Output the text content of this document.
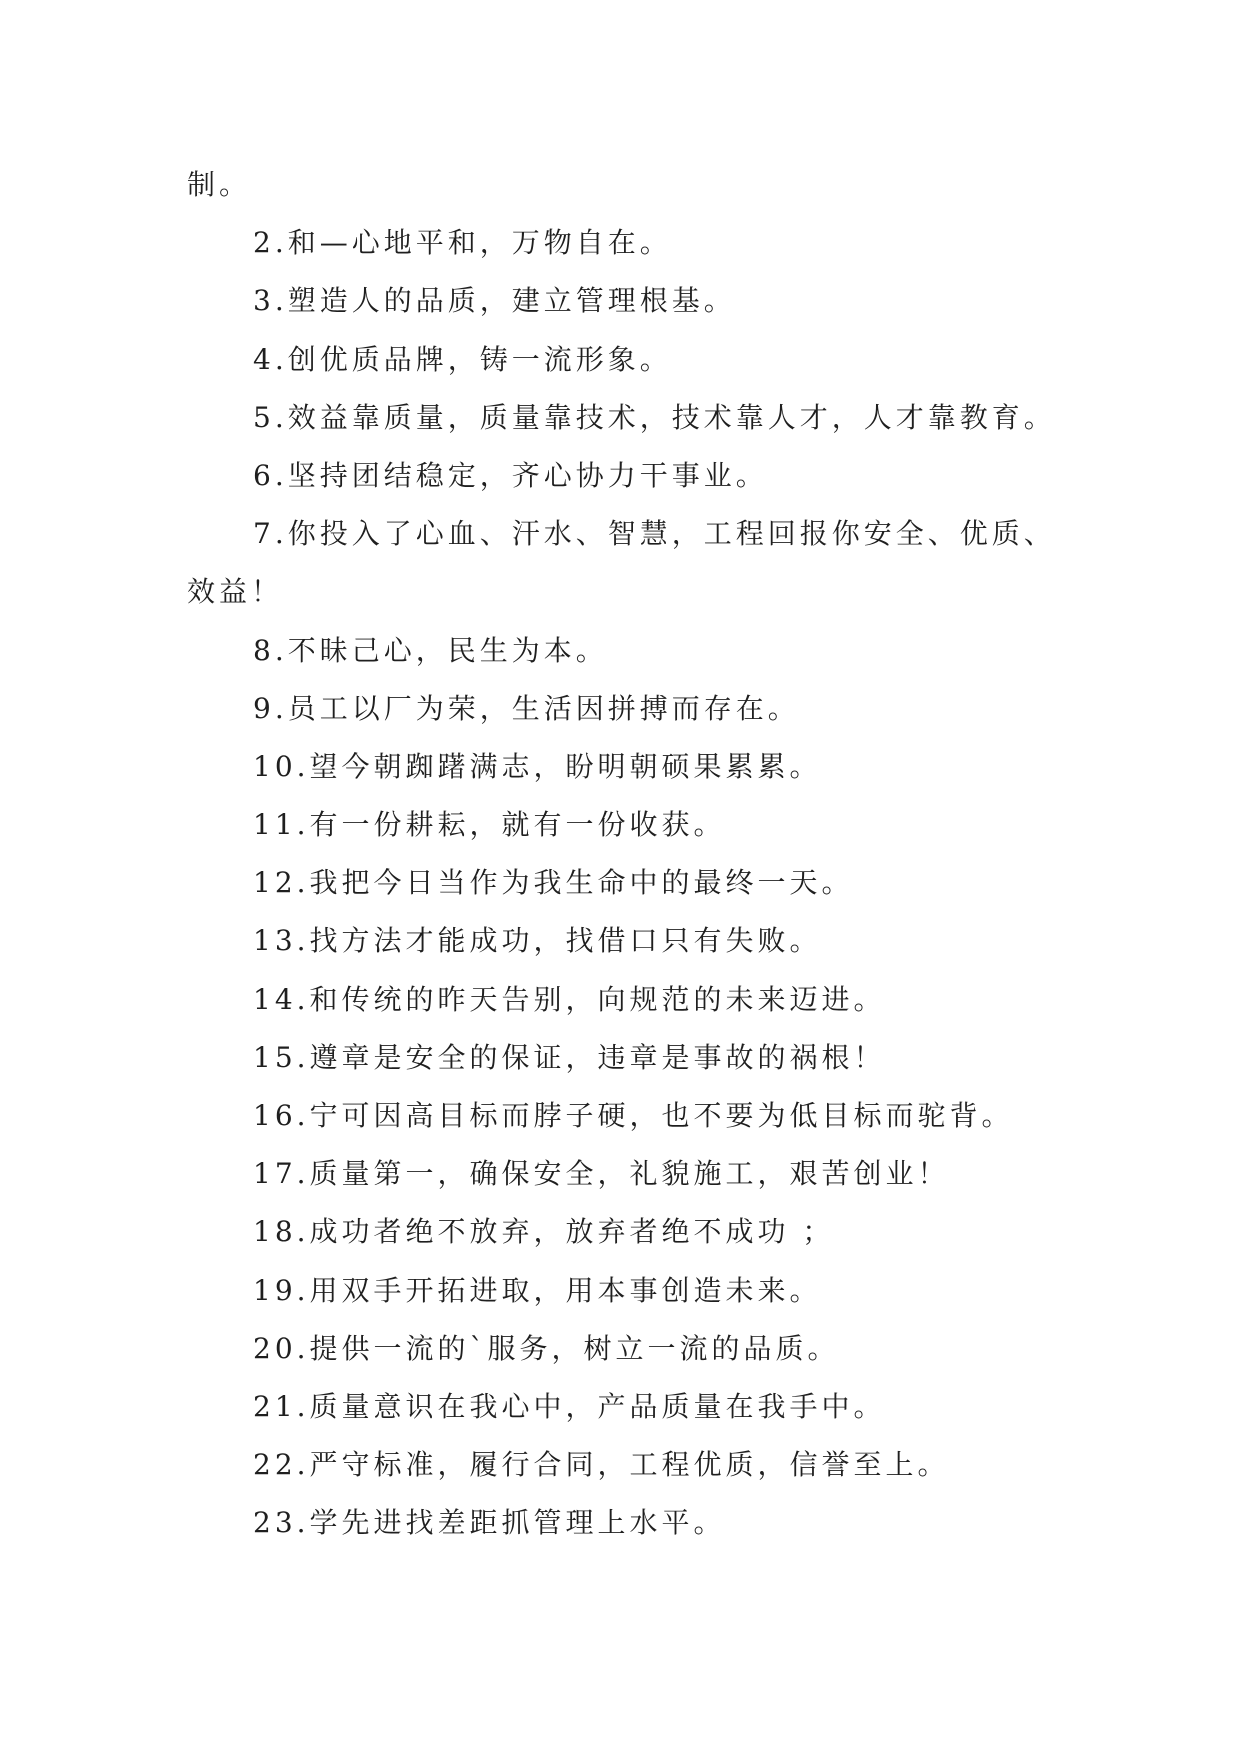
制。

2.和—心地平和，万物自在。

3.塑造人的品质，建立管理根基。

4.创优质品牌，铸一流形象。

5.效益靠质量，质量靠技术，技术靠人才，人才靠教育。

6.坚持团结稳定，齐心协力干事业。

7.你投入了心血、汗水、智慧，工程回报你安全、优质、

效益！

8.不昧己心，民生为本。

9.员工以厂为荣，生活因拼搏而存在。

10.望今朝踟躇满志，盼明朝硕果累累。

11.有一份耕耘，就有一份收获。

12.我把今日当作为我生命中的最终一天。

13.找方法才能成功，找借口只有失败。

14.和传统的昨天告别，向规范的未来迈进。

15.遵章是安全的保证，违章是事故的祸根！

16.宁可因高目标而脖子硬，也不要为低目标而驼背。

17.质量第一，确保安全，礼貌施工，艰苦创业！

18.成功者绝不放弃，放弃者绝不成功 ；

19.用双手开拓进取，用本事创造未来。

20.提供一流的`服务，树立一流的品质。

21.质量意识在我心中，产品质量在我手中。

22.严守标准，履行合同，工程优质，信誉至上。

23.学先进找差距抓管理上水平。
